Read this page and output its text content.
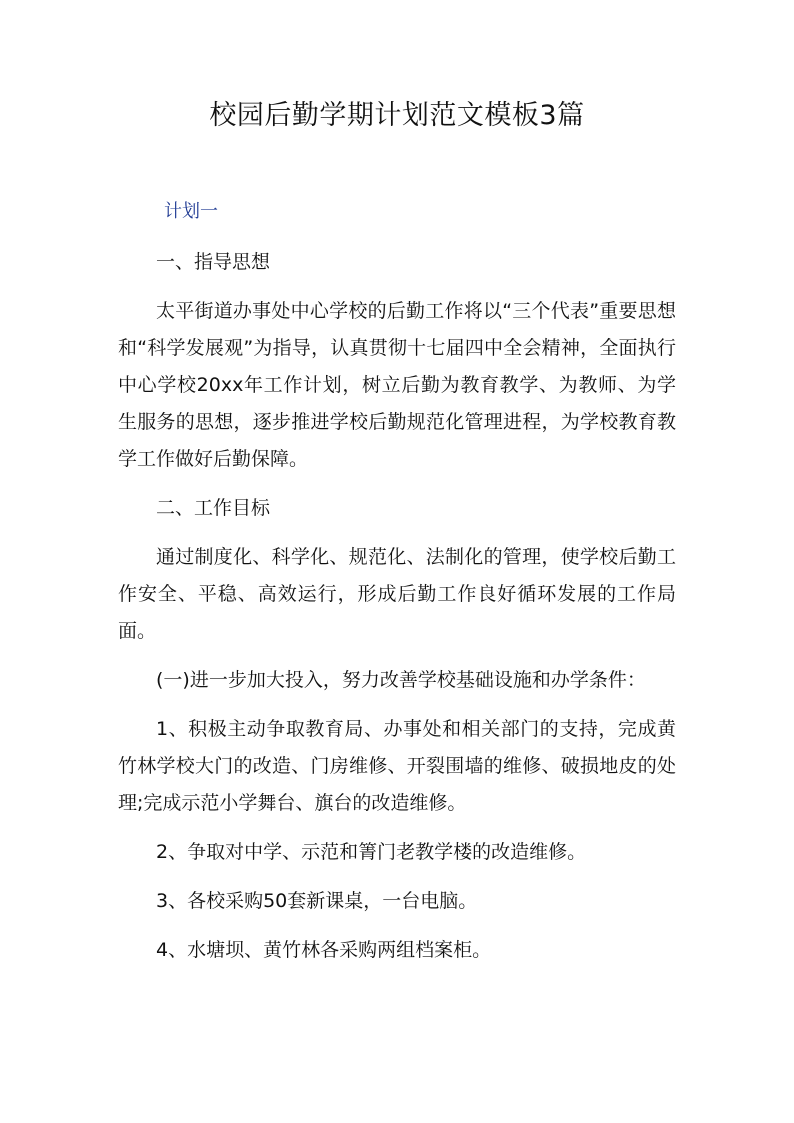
校园后勤学期计划范文模板3篇
计划一

一、指导思想

太平街道办事处中心学校的后勤工作将以“三个代表”重要思想和“科学发展观”为指导，认真贯彻十七届四中全会精神，全面执行中心学校20xx年工作计划，树立后勤为教育教学、为教师、为学生服务的思想，逐步推进学校后勤规范化管理进程，为学校教育教学工作做好后勤保障。

二、工作目标

通过制度化、科学化、规范化、法制化的管理，使学校后勤工作安全、平稳、高效运行，形成后勤工作良好循环发展的工作局面。

(一)进一步加大投入，努力改善学校基础设施和办学条件：

1、积极主动争取教育局、办事处和相关部门的支持，完成黄竹林学校大门的改造、门房维修、开裂围墙的维修、破损地皮的处理;完成示范小学舞台、旗台的改造维修。

2、争取对中学、示范和箐门老教学楼的改造维修。

3、各校采购50套新课桌，一台电脑。

4、水塘坝、黄竹林各采购两组档案柜。
